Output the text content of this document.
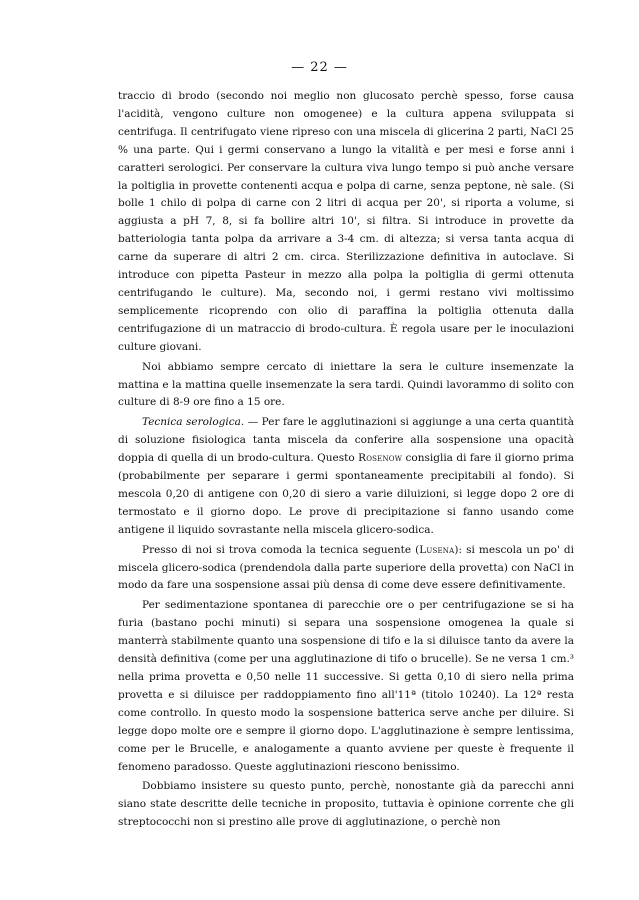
— 22 —

traccio di brodo (secondo noi meglio non glucosato perchè spesso, forse causa l'acidità, vengono culture non omogenee) e la cultura appena sviluppata si centrifuga. Il centrifugato viene ripreso con una miscela di glicerina 2 parti, NaCl 25 % una parte. Qui i germi conservano a lungo la vitalità e per mesi e forse anni i caratteri serologici. Per conservare la cultura viva lungo tempo si può anche versare la poltiglia in provette contenenti acqua e polpa di carne, senza peptone, nè sale. (Si bolle 1 chilo di polpa di carne con 2 litri di acqua per 20', si riporta a volume, si aggiusta a pH 7, 8, si fa bollire altri 10', si filtra. Si introduce in provette da batteriologia tanta polpa da arrivare a 3-4 cm. di altezza; si versa tanta acqua di carne da superare di altri 2 cm. circa. Sterilizzazione definitiva in autoclave. Si introduce con pipetta Pasteur in mezzo alla polpa la poltiglia di germi ottenuta centrifugando le culture). Ma, secondo noi, i germi restano vivi moltissimo semplicemente ricoprendo con olio di paraffina la poltiglia ottenuta dalla centrifugazione di un matraccio di brodo-cultura. È regola usare per le inoculazioni culture giovani.

Noi abbiamo sempre cercato di iniettare la sera le culture insemenzate la mattina e la mattina quelle insemenzate la sera tardi. Quindi lavorammo di solito con culture di 8-9 ore fino a 15 ore.

Tecnica serologica. — Per fare le agglutinazioni si aggiunge a una certa quantità di soluzione fisiologica tanta miscela da conferire alla sospensione una opacità doppia di quella di un brodo-cultura. Questo Rosenow consiglia di fare il giorno prima (probabilmente per separare i germi spontaneamente precipitabili al fondo). Si mescola 0,20 di antigene con 0,20 di siero a varie diluizioni, si legge dopo 2 ore di termostato e il giorno dopo. Le prove di precipitazione si fanno usando come antigene il liquido sovrastante nella miscela glicero-sodica.

Presso di noi si trova comoda la tecnica seguente (Lusena): si mescola un po' di miscela glicero-sodica (prendendola dalla parte superiore della provetta) con NaCl in modo da fare una sospensione assai più densa di come deve essere definitivamente.

Per sedimentazione spontanea di parecchie ore o per centrifugazione se si ha furia (bastano pochi minuti) si separa una sospensione omogenea la quale si manterrà stabilmente quanto una sospensione di tifo e la si diluisce tanto da avere la densità definitiva (come per una agglutinazione di tifo o brucelle). Se ne versa 1 cm.³ nella prima provetta e 0,50 nelle 11 successive. Si getta 0,10 di siero nella prima provetta e si diluisce per raddoppiamento fino all'11ª (titolo 10240). La 12ª resta come controllo. In questo modo la sospensione batterica serve anche per diluire. Si legge dopo molte ore e sempre il giorno dopo. L'agglutinazione è sempre lentissima, come per le Brucelle, e analogamente a quanto avviene per queste è frequente il fenomeno paradosso. Queste agglutinazioni riescono benissimo.

Dobbiamo insistere su questo punto, perchè, nonostante già da parecchi anni siano state descritte delle tecniche in proposito, tuttavia è opinione corrente che gli streptococchi non si prestino alle prove di agglutinazione, o perchè non
